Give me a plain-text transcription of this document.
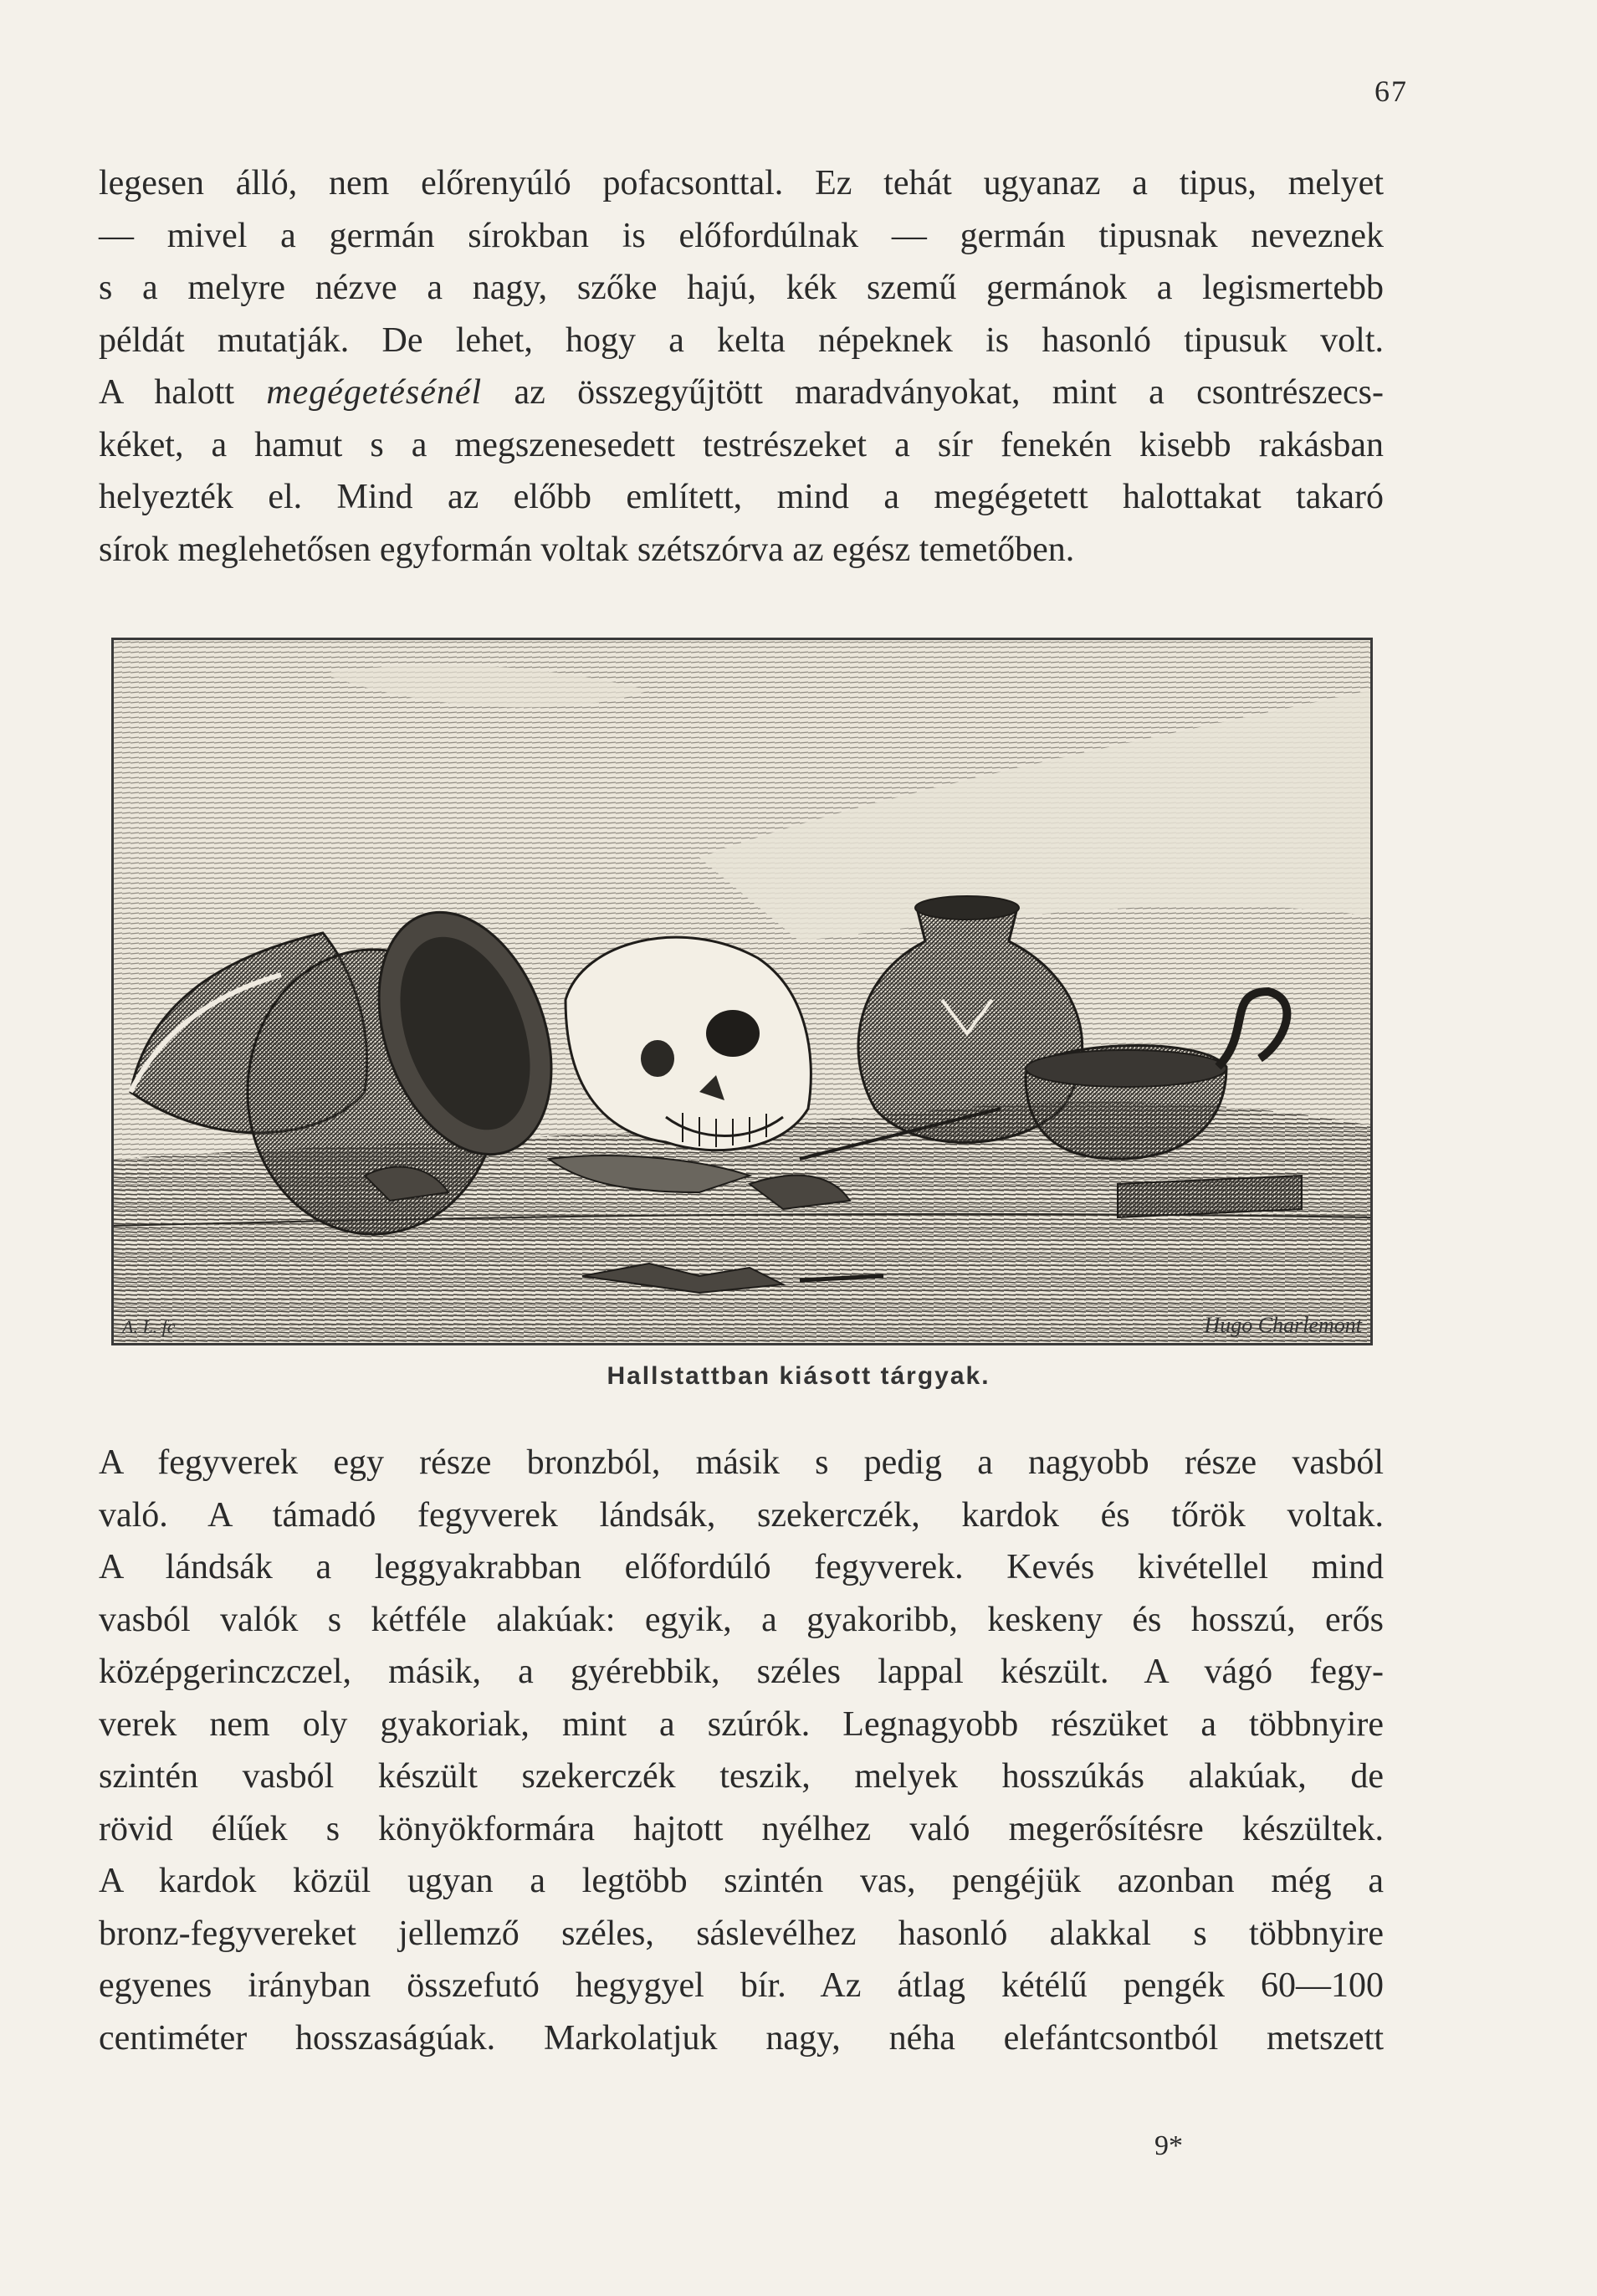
67
legesen álló, nem előrenyúló pofacsonttal. Ez tehát ugyanaz a tipus, melyet
— mivel a germán sírokban is előfordúlnak — germán tipusnak neveznek
s a melyre nézve a nagy, szőke hajú, kék szemű germánok a legismertebb
példát mutatják. De lehet, hogy a kelta népeknek is hasonló tipusuk volt.
A halott megégetésénél az összegyűjtött maradványokat, mint a csontrészecs-
kéket, a hamut s a megszenesedett testrészeket a sír fenekén kisebb rakásban
helyezték el. Mind az előbb említett, mind a megégetett halottakat takaró
sírok meglehetősen egyformán voltak szétszórva az egész temetőben.
A. L. fc	Hugo Charlemont
Hallstattban kiásott tárgyak.
A fegyverek egy része bronzból, másik s pedig a nagyobb része vasból
való. A támadó fegyverek lándsák, szekerczék, kardok és tőrök voltak.
A lándsák a leggyakrabban előfordúló fegyverek. Kevés kivétellel mind
vasból valók s kétféle alakúak: egyik, a gyakoribb, keskeny és hosszú, erős
középgerinczczel, másik, a gyérebbik, széles lappal készült. A vágó fegy-
verek nem oly gyakoriak, mint a szúrók. Legnagyobb részüket a többnyire
szintén vasból készült szekerczék teszik, melyek hosszúkás alakúak, de
rövid élűek s könyökformára hajtott nyélhez való megerősítésre készültek.
A kardok közül ugyan a legtöbb szintén vas, pengéjük azonban még a
bronz-fegyvereket jellemző széles, sáslevélhez hasonló alakkal s többnyire
egyenes irányban összefutó hegygyel bír. Az átlag kétélű pengék 60—100
centiméter hosszaságúak. Markolatjuk nagy, néha elefántcsontból metszett
9*
